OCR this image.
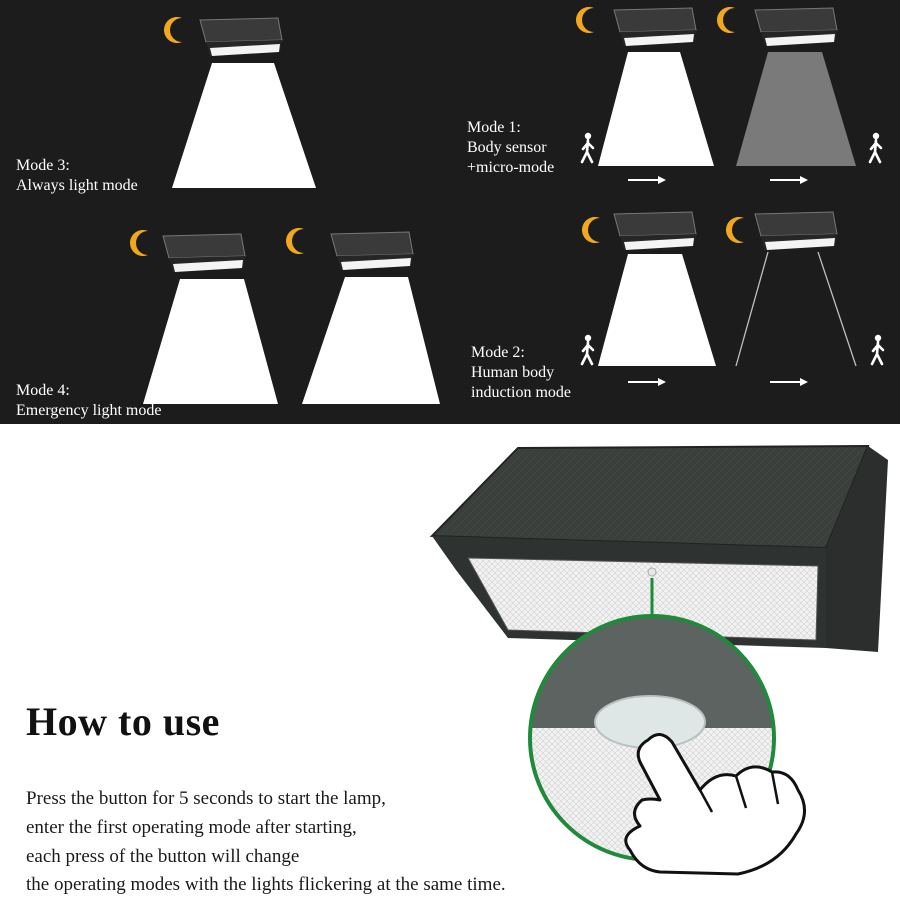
Mode 3:
Always light mode
Mode 4:
Emergency light mode
Mode 1:
Body sensor
+micro-mode
Mode 2:
Human body
induction mode
How to use
Press the button for 5 seconds to start the lamp,
enter the first operating mode after starting,
each press of the button will change
the operating modes with the lights flickering at the same time.
